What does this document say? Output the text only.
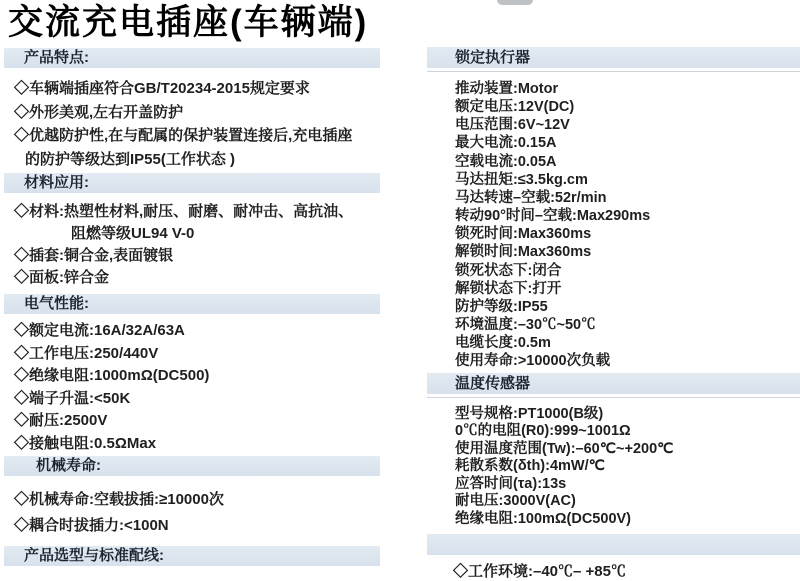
交流充电插座(车辆端)
产品特点:
◇车辆端插座符合GB/T20234-2015规定要求
◇外形美观,左右开盖防护
◇优越防护性,在与配属的保护装置连接后,充电插座
的防护等级达到IP55(工作状态 )
材料应用:
◇材料:热塑性材料,耐压、耐磨、耐冲击、高抗油、
阻燃等级UL94 V-0
◇插套:铜合金,表面镀银
◇面板:锌合金
电气性能:
◇额定电流:16A/32A/63A
◇工作电压:250/440V
◇绝缘电阻:1000mΩ(DC500)
◇端子升温:<50K
◇耐压:2500V
◇接触电阻:0.5ΩMax
机械寿命:
◇机械寿命:空载拔插:≥10000次
◇耦合时拔插力:<100N
产品选型与标准配线:
锁定执行器
推动装置:Motor
额定电压:12V(DC)
电压范围:6V~12V
最大电流:0.15A
空载电流:0.05A
马达扭矩:≤3.5kg.cm
马达转速–空载:52r/min
转动90°时间–空载:Max290ms
锁死时间:Max360ms
解锁时间:Max360ms
锁死状态下:闭合
解锁状态下:打开
防护等级:IP55
环境温度:–30℃~50℃
电缆长度:0.5m
使用寿命:>10000次负载
温度传感器
型号规格:PT1000(B级)
0℃的电阻(R0):999~1001Ω
使用温度范围(Tw):–60℃~+200℃
耗散系数(δth):4mW/℃
应答时间(τa):13s
耐电压:3000V(AC)
绝缘电阻:100mΩ(DC500V)
◇工作环境:–40℃– +85℃
